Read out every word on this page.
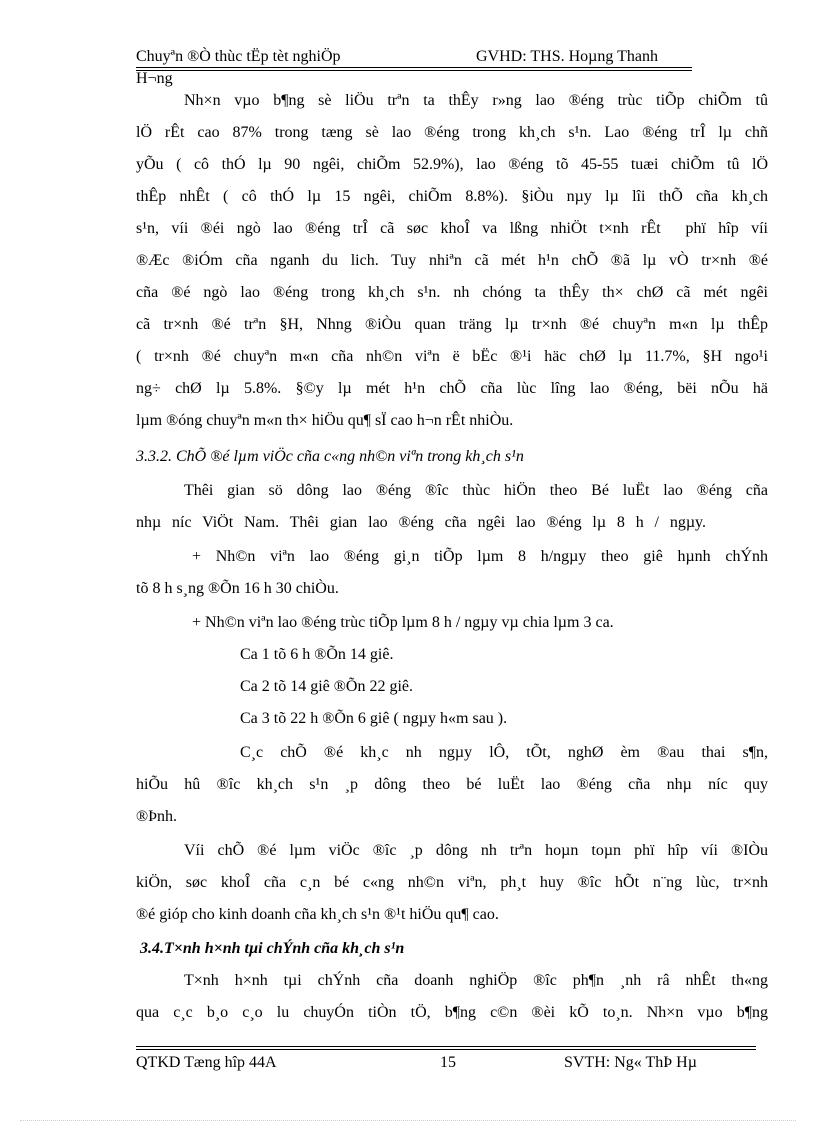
Chuyªn ®Ò thùc tËp tèt nghiÖp	GVHD: THS. Hoµng Thanh
H¬ng
Nh×n vµo b¶ng sè liÖu trªn ta thÊy r»ng lao ®éng trùc tiÕp chiÕm tû
lÖ rÊt cao 87% trong tæng sè lao ®éng trong kh¸ch s¹n. Lao ®éng trÎ lµ chñ
yÕu ( cô thÓ lµ 90 ngêi, chiÕm 52.9%), lao ®éng tõ 45-55 tuæi chiÕm tû lÖ
thÊp nhÊt ( cô thÓ lµ 15 ngêi, chiÕm 8.8%). §iÒu nµy lµ lîi thÕ cña kh¸ch
s¹n, víi ®éi ngò lao ®éng trÎ cã søc khoÎ va lßng nhiÖt t×nh rÊt phï hîp víi
®Æc ®iÓm cña nganh du lich. Tuy nhiªn cã mét h¹n chÕ ®ã lµ vÒ tr×nh ®é
cña ®é ngò lao ®éng trong kh¸ch s¹n. nh chóng ta thÊy th× chØ cã mét ngêi
cã tr×nh ®é trªn §H, Nhng ®iÒu quan träng lµ tr×nh ®é chuyªn m«n lµ thÊp
( tr×nh ®é chuyªn m«n cña nh©n viªn ë bËc ®¹i häc chØ lµ 11.7%, §H ngo¹i
ng÷ chØ lµ 5.8%. §©y lµ mét h¹n chÕ cña lùc lîng lao ®éng, bëi nÕu hä
lµm ®óng chuyªn m«n th× hiÖu qu¶ sÏ cao h¬n rÊt nhiÒu.
3.3.2. ChÕ ®é lµm viÖc cña c«ng nh©n viªn trong kh¸ch s¹n
Thêi gian sö dông lao ®éng ®îc thùc hiÖn theo Bé luËt lao ®éng cña
nhµ níc ViÖt Nam. Thêi gian lao ®éng cña ngêi lao ®éng lµ 8 h / ngµy.
+ Nh©n viªn lao ®éng gi¸n tiÕp lµm 8 h/ngµy theo giê hµnh chÝnh
tõ 8 h s¸ng ®Õn 16 h 30 chiÒu.
+ Nh©n viªn lao ®éng trùc tiÕp lµm 8 h / ngµy vµ chia lµm 3 ca.
Ca 1 tõ 6 h ®Õn 14 giê.
Ca 2 tõ 14 giê ®Õn 22 giê.
Ca 3 tõ 22 h ®Õn 6 giê ( ngµy h«m sau ).
C¸c chÕ ®é kh¸c nh ngµy lÔ, tÕt, nghØ èm ®au thai s¶n,
hiÕu hû ®îc kh¸ch s¹n ¸p dông theo bé luËt lao ®éng cña nhµ níc quy
®Þnh.
Víi chÕ ®é lµm viÖc ®îc ¸p dông nh trªn hoµn toµn phï hîp víi ®IÒu
kiÖn, søc khoÎ cña c¸n bé c«ng nh©n viªn, ph¸t huy ®îc hÕt n¨ng lùc, tr×nh
®é gióp cho kinh doanh cña kh¸ch s¹n ®¹t hiÖu qu¶ cao.
3.4.T×nh h×nh tµi chÝnh cña kh¸ch s¹n
T×nh h×nh tµi chÝnh cña doanh nghiÖp ®îc ph¶n ¸nh râ nhÊt th«ng
qua c¸c b¸o c¸o lu chuyÓn tiÒn tÖ, b¶ng c©n ®èi kÕ to¸n. Nh×n vµo b¶ng
QTKD Tæng hîp 44A	15	SVTH: Ng« ThÞ Hµ
